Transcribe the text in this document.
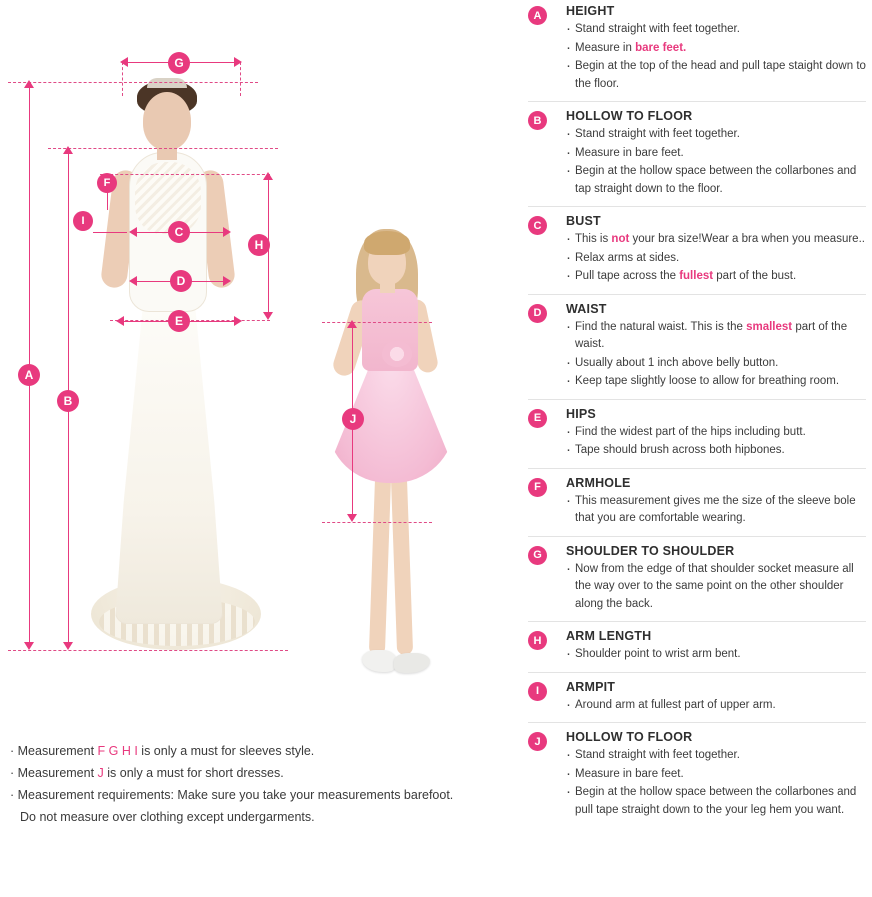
A
B
G
F
I
C
D
E
H
J
· Measurement F G H I is only a must for sleeves style.
· Measurement J is only a must for short dresses.
· Measurement requirements: Make sure you take your measurements barefoot.
Do not measure over clothing except undergarments.
A	HEIGHT
· Stand straight with feet together.
· Measure in bare feet.
· Begin at the top of the head and pull tape staight down to the floor.
B	HOLLOW TO FLOOR
· Stand straight with feet together.
· Measure in bare feet.
· Begin at the hollow space between the collarbones and tap straight down to the floor.
C	BUST
· This is not your bra size!Wear a bra when you measure..
· Relax arms at sides.
· Pull tape across the fullest part of the bust.
D	WAIST
· Find the natural waist. This is the smallest part of the waist.
· Usually about 1 inch above belly button.
· Keep tape slightly loose to allow for breathing room.
E	HIPS
· Find the widest part of the hips including butt.
· Tape should brush across both hipbones.
F	ARMHOLE
· This measurement gives me the size of the sleeve bole that you are comfortable wearing.
G	SHOULDER TO SHOULDER
· Now from the edge of that shoulder socket measure all the way over to the same point on the other shoulder along the back.
H	ARM LENGTH
· Shoulder point to wrist arm bent.
I	ARMPIT
· Around arm at fullest part of upper arm.
J	HOLLOW TO FLOOR
· Stand straight with feet together.
· Measure in bare feet.
· Begin at the hollow space between the collarbones and pull tape straight down to the your leg hem you want.
